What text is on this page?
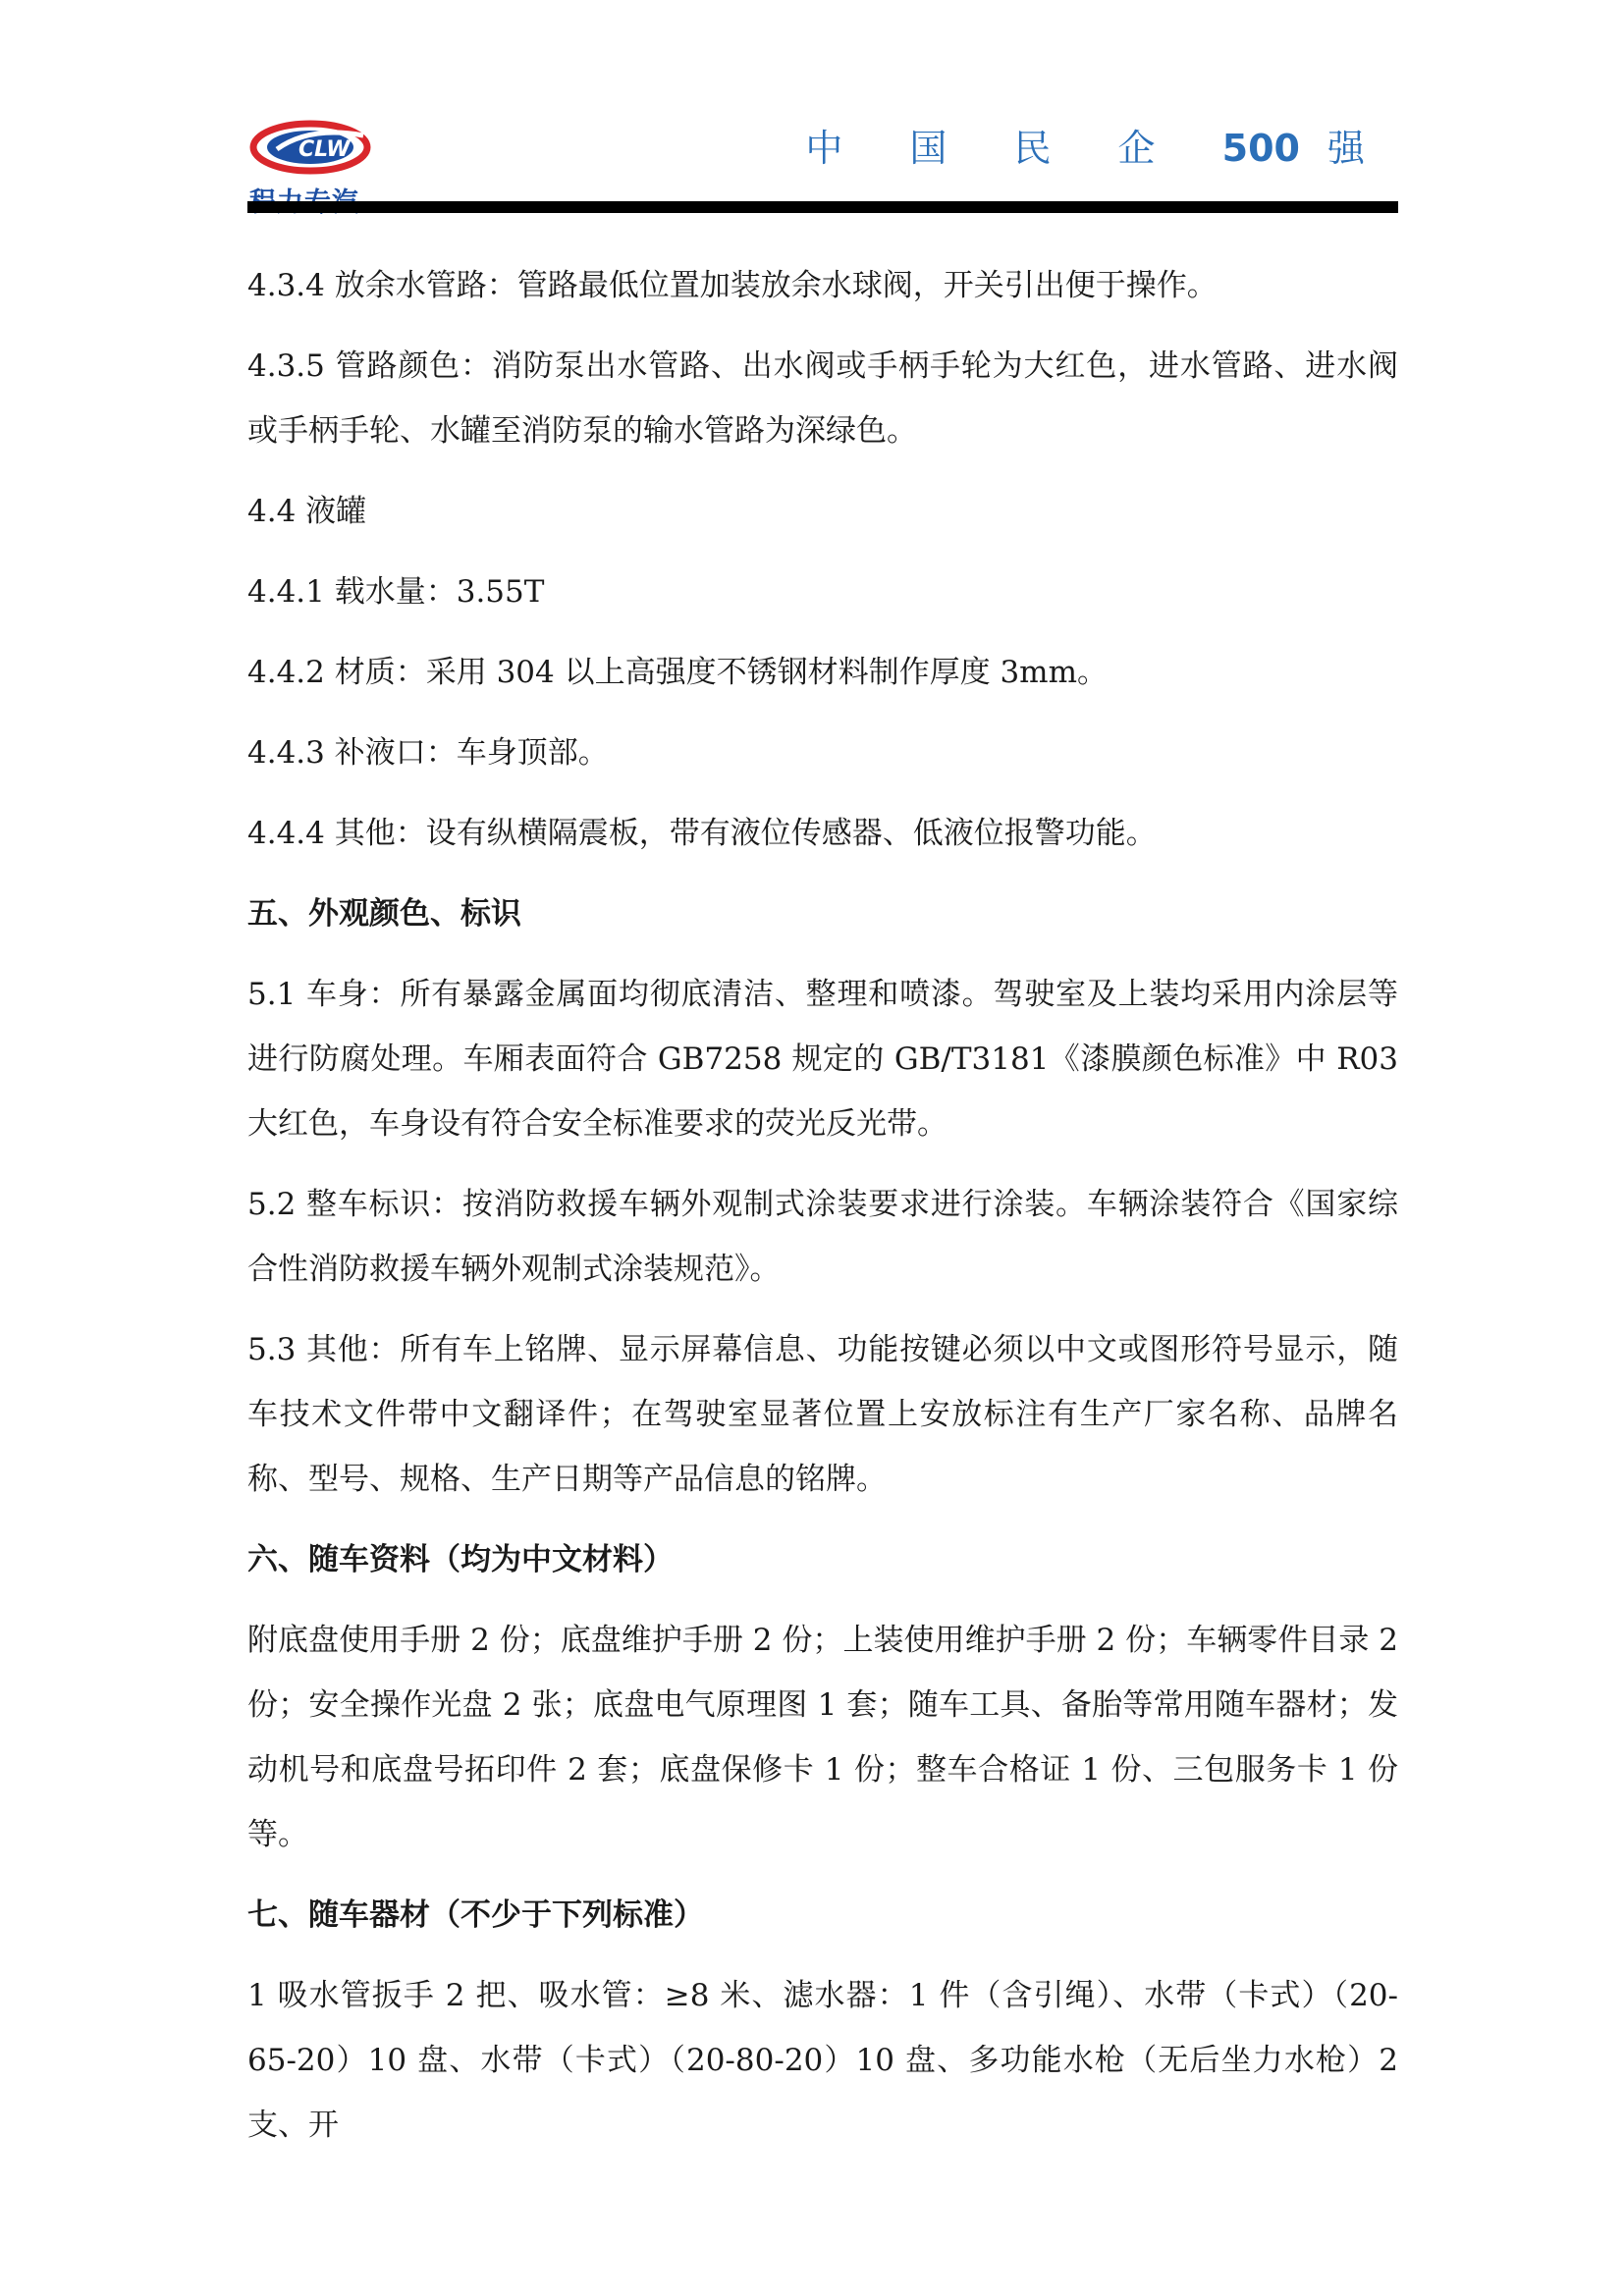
CLW	中 国 民 企 500 强

4.3.4 放余水管路：管路最低位置加装放余水球阀，开关引出便于操作。

4.3.5 管路颜色：消防泵出水管路、出水阀或手柄手轮为大红色，进水管路、进水阀或手柄手轮、水罐至消防泵的输水管路为深绿色。

4.4 液罐

4.4.1 载水量：3.55T

4.4.2 材质：采用 304 以上高强度不锈钢材料制作厚度 3mm。

4.4.3 补液口：车身顶部。

4.4.4 其他：设有纵横隔震板，带有液位传感器、低液位报警功能。

五、外观颜色、标识

5.1 车身：所有暴露金属面均彻底清洁、整理和喷漆。驾驶室及上装均采用内涂层等进行防腐处理。车厢表面符合 GB7258 规定的 GB/T3181《漆膜颜色标准》中 R03 大红色，车身设有符合安全标准要求的荧光反光带。

5.2 整车标识：按消防救援车辆外观制式涂装要求进行涂装。车辆涂装符合《国家综合性消防救援车辆外观制式涂装规范》。

5.3 其他：所有车上铭牌、显示屏幕信息、功能按键必须以中文或图形符号显示，随车技术文件带中文翻译件；在驾驶室显著位置上安放标注有生产厂家名称、品牌名称、型号、规格、生产日期等产品信息的铭牌。

六、随车资料（均为中文材料）

附底盘使用手册 2 份；底盘维护手册 2 份；上装使用维护手册 2 份；车辆零件目录 2 份；安全操作光盘 2 张；底盘电气原理图 1 套；随车工具、备胎等常用随车器材；发动机号和底盘号拓印件 2 套；底盘保修卡 1 份；整车合格证 1 份、三包服务卡 1 份等。

七、随车器材（不少于下列标准）

1 吸水管扳手 2 把、吸水管：≥8 米、滤水器：1 件（含引绳）、水带（卡式）（20-65-20）10 盘、水带（卡式）（20-80-20）10 盘、多功能水枪（无后坐力水枪）2 支、开
